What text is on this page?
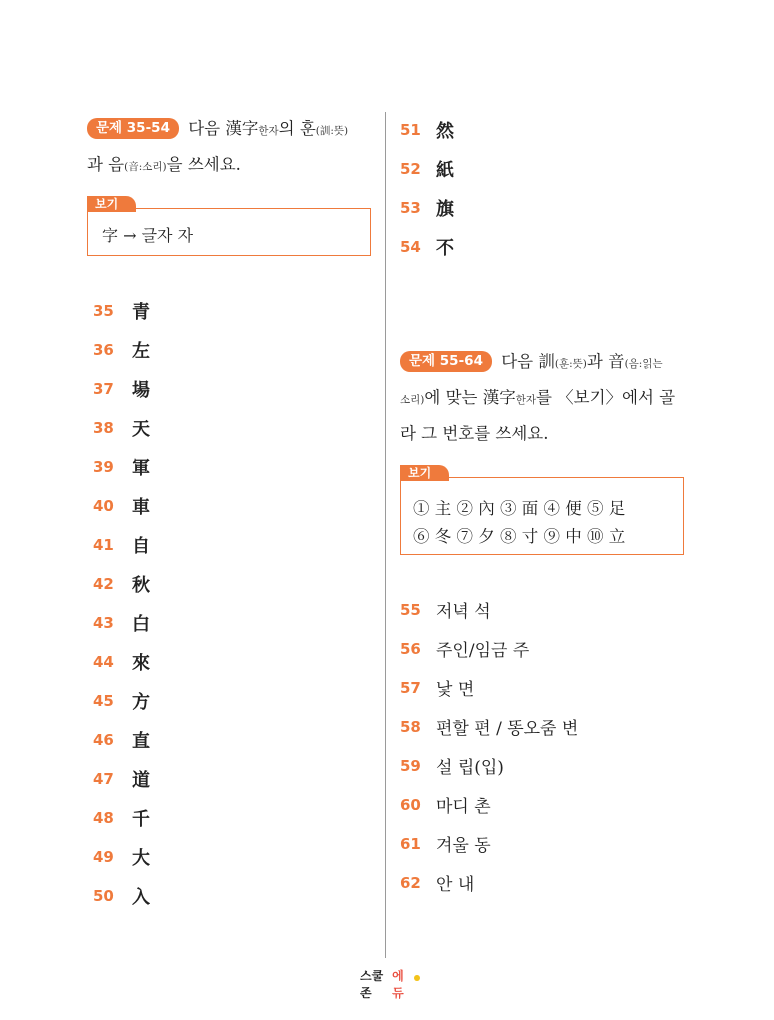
문제 35-54 다음 漢字한자의 훈(訓:뜻)
과 음(音:소리)을 쓰세요.
보기
字 → 글자 자
35	青
36	左
37	場
38	天
39	軍
40	車
41	自
42	秋
43	白
44	來
45	方
46	直
47	道
48	千
49	大
50	入
51 然
52 紙
53 旗
54 不
문제 55-64 다음 訓(훈:뜻)과 音(음:읽는
소리)에 맞는 漢字한자를 〈보기〉에서 골
라 그 번호를 쓰세요.
보기
① 主 ② 內 ③ 面 ④ 便 ⑤ 足
⑥ 冬 ⑦ 夕 ⑧ 寸 ⑨ 中 ⑩ 立
55 저녁 석
56 주인/임금 주
57 낯 면
58 편할 편 / 똥오줌 변
59 설 립(입)
60 마디 촌
61 겨울 동
62 안 내
스쿨존
에듀
